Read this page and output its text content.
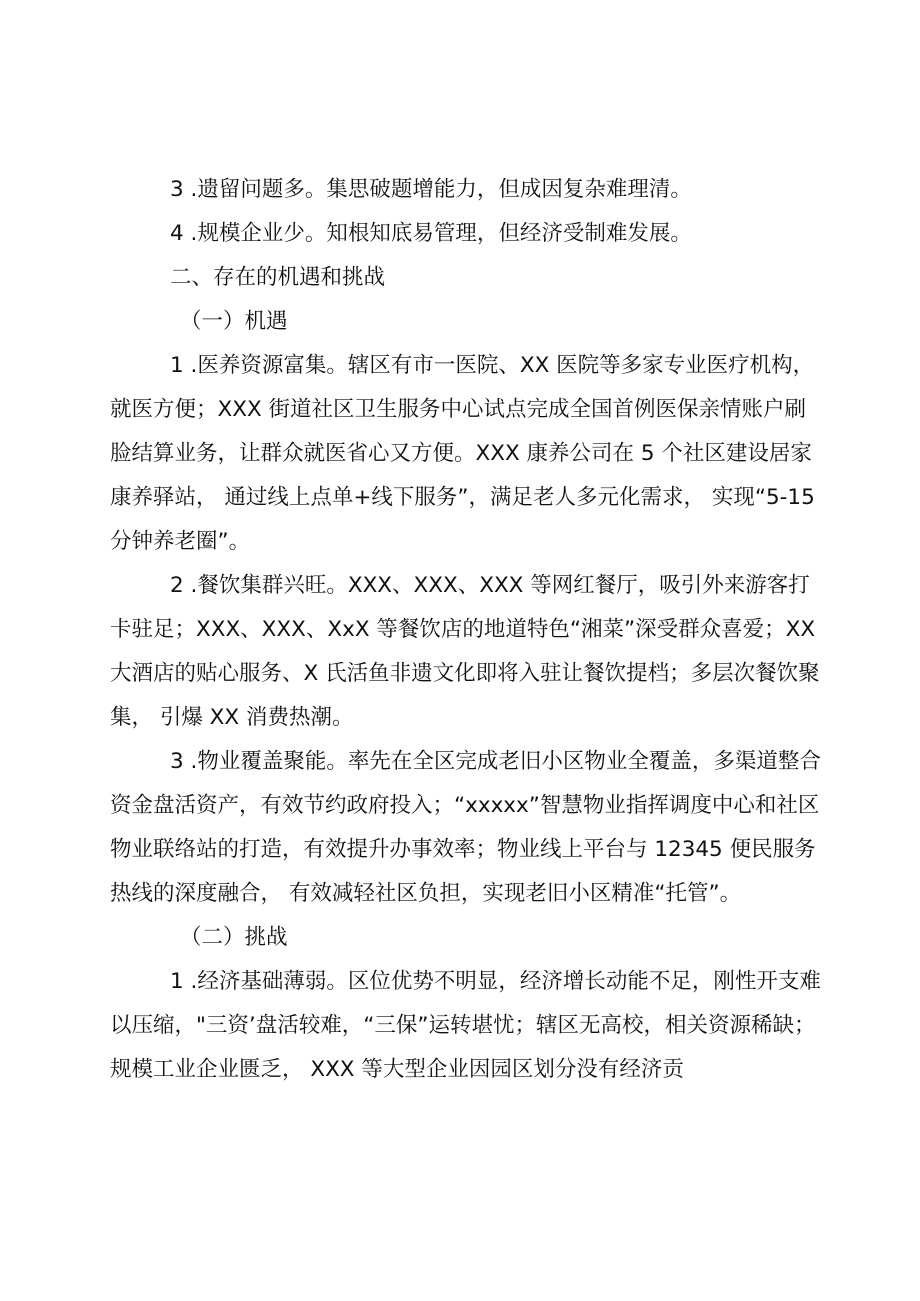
3 .遗留问题多。集思破题增能力，但成因复杂难理清。

4 .规模企业少。知根知底易管理，但经济受制难发展。

二、存在的机遇和挑战

（一）机遇

1 .医养资源富集。辖区有市一医院、XX 医院等多家专业医疗机构，就医方便；XXX 街道社区卫生服务中心试点完成全国首例医保亲情账户刷脸结算业务，让群众就医省心又方便。XXX 康养公司在 5 个社区建设居家康养驿站， 通过线上点单+线下服务”，满足老人多元化需求， 实现“5-15 分钟养老圈”。

2 .餐饮集群兴旺。XXX、XXX、XXX 等网红餐厅，吸引外来游客打卡驻足；XXX、XXX、XxX 等餐饮店的地道特色“湘菜”深受群众喜爱；XX 大酒店的贴心服务、X 氏活鱼非遗文化即将入驻让餐饮提档；多层次餐饮聚集， 引爆 XX 消费热潮。

3 .物业覆盖聚能。率先在全区完成老旧小区物业全覆盖，多渠道整合资金盘活资产，有效节约政府投入；“xxxxx”智慧物业指挥调度中心和社区物业联络站的打造，有效提升办事效率；物业线上平台与 12345 便民服务热线的深度融合， 有效减轻社区负担，实现老旧小区精准“托管”。

（二）挑战

1 .经济基础薄弱。区位优势不明显，经济增长动能不足，刚性开支难以压缩，"三资’盘活较难，“三保”运转堪忧；辖区无高校，相关资源稀缺；规模工业企业匮乏， XXX 等大型企业因园区划分没有经济贡
